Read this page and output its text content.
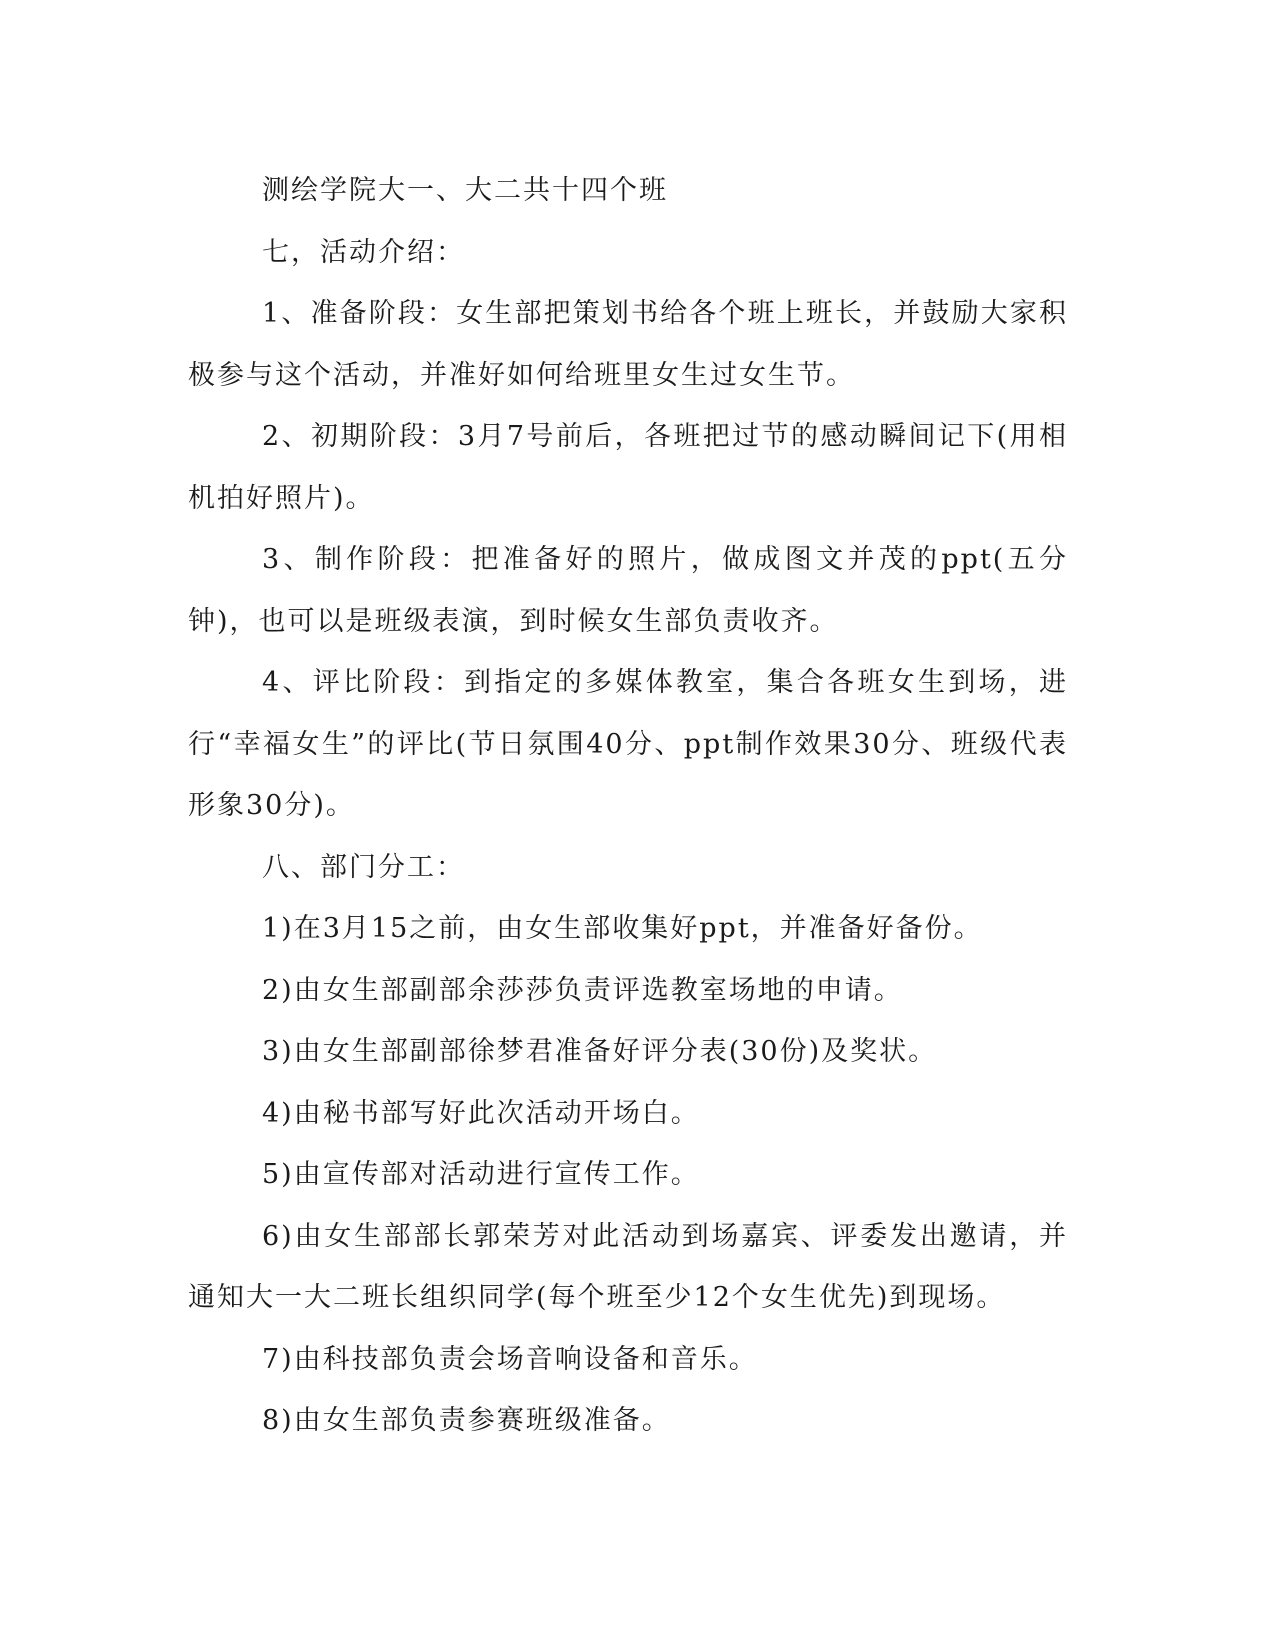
测绘学院大一、大二共十四个班

七，活动介绍：

1、准备阶段：女生部把策划书给各个班上班长，并鼓励大家积极参与这个活动，并准好如何给班里女生过女生节。

2、初期阶段：3月7号前后，各班把过节的感动瞬间记下(用相机拍好照片)。

3、制作阶段：把准备好的照片，做成图文并茂的ppt(五分钟)，也可以是班级表演，到时候女生部负责收齐。

4、评比阶段：到指定的多媒体教室，集合各班女生到场，进行“幸福女生”的评比(节日氛围40分、ppt制作效果30分、班级代表形象30分)。

八、部门分工：

1)在3月15之前，由女生部收集好ppt，并准备好备份。

2)由女生部副部余莎莎负责评选教室场地的申请。

3)由女生部副部徐梦君准备好评分表(30份)及奖状。

4)由秘书部写好此次活动开场白。

5)由宣传部对活动进行宣传工作。

6)由女生部部长郭荣芳对此活动到场嘉宾、评委发出邀请，并通知大一大二班长组织同学(每个班至少12个女生优先)到现场。

7)由科技部负责会场音响设备和音乐。

8)由女生部负责参赛班级准备。
